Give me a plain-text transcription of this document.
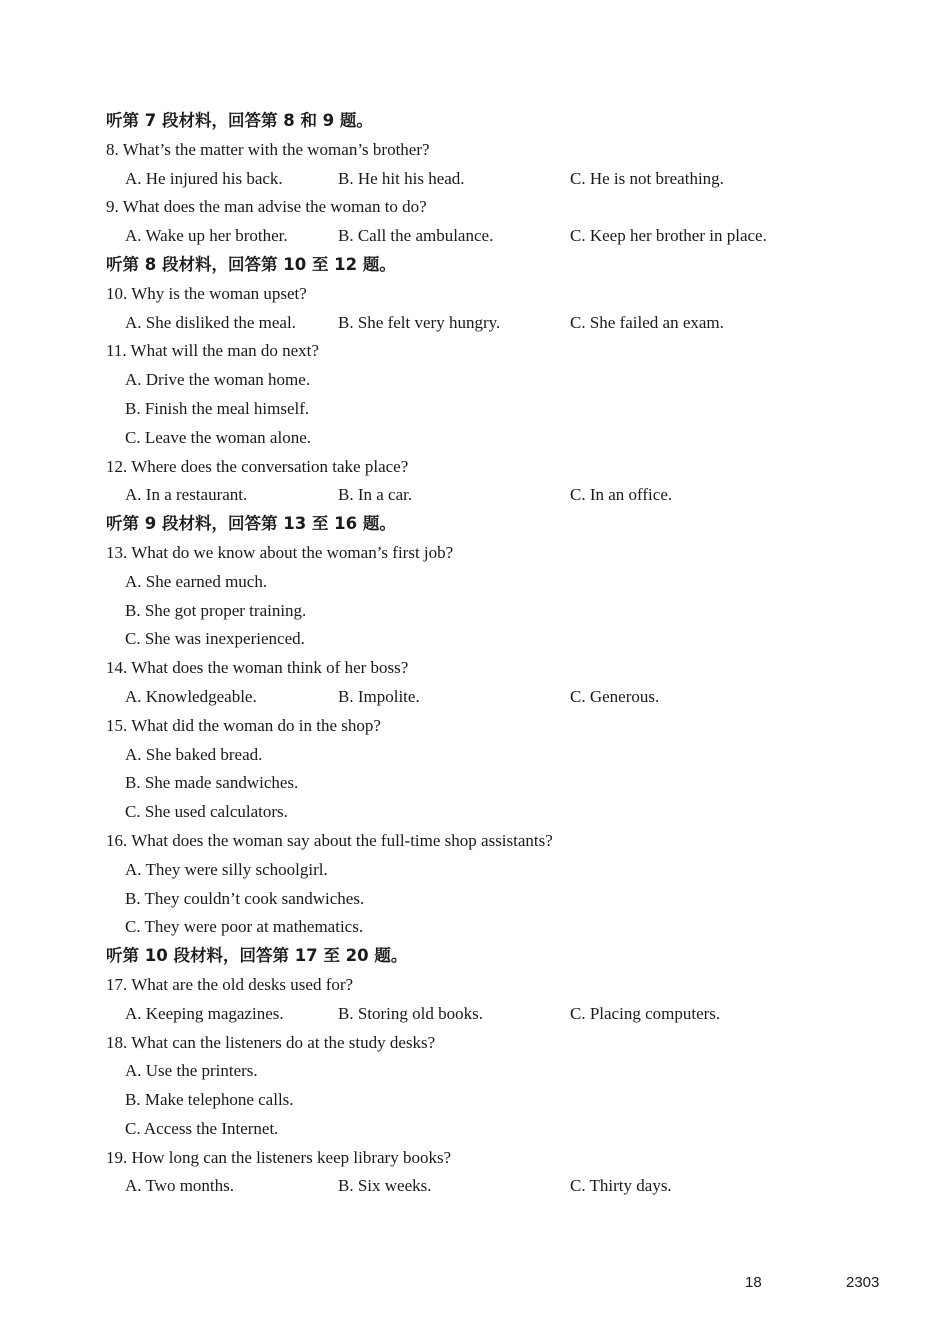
听第 7 段材料，回答第 8 和 9 题。
8. What’s the matter with the woman’s brother?
A. He injured his back.	B. He hit his head.	C. He is not breathing.
9. What does the man advise the woman to do?
A. Wake up her brother.	B. Call the ambulance.	C. Keep her brother in place.
听第 8 段材料，回答第 10 至 12 题。
10. Why is the woman upset?
A. She disliked the meal. B. She felt very hungry.	C. She failed an exam.
11. What will the man do next?
A. Drive the woman home.
B. Finish the meal himself.
C. Leave the woman alone.
12. Where does the conversation take place?
A. In a restaurant.	B. In a car.	C. In an office.
听第 9 段材料，回答第 13 至 16 题。
13. What do we know about the woman’s first job?
A. She earned much.
B. She got proper training.
C. She was inexperienced.
14. What does the woman think of her boss?
A. Knowledgeable.	B. Impolite.	C. Generous.
15. What did the woman do in the shop?
A. She baked bread.
B. She made sandwiches.
C. She used calculators.
16. What does the woman say about the full-time shop assistants?
A. They were silly schoolgirl.
B. They couldn’t cook sandwiches.
C. They were poor at mathematics.
听第 10 段材料，回答第 17 至 20 题。
17. What are the old desks used for?
A. Keeping magazines.	B. Storing old books.	C. Placing computers.
18. What can the listeners do at the study desks?
A. Use the printers.
B. Make telephone calls.
C. Access the Internet.
19. How long can the listeners keep library books?
A. Two months.	B. Six weeks.	C. Thirty days.
18	2303
